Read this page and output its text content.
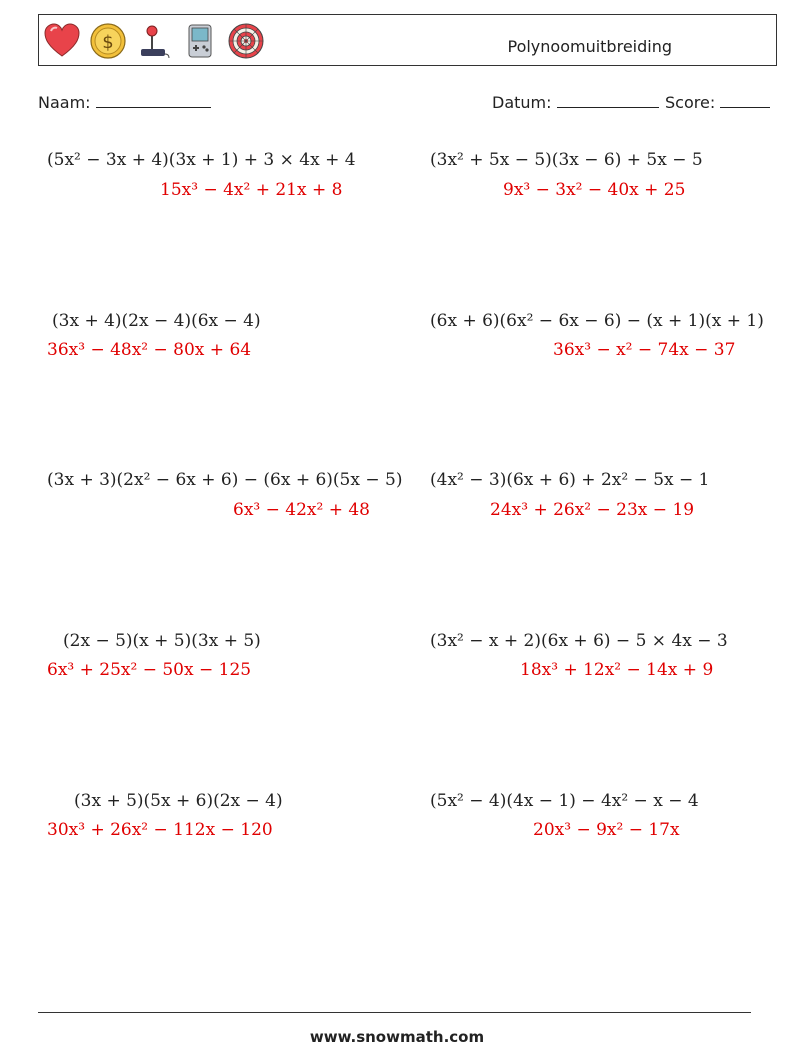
$	Polynoomuitbreiding
Naam:	Datum:	Score:
(5x² − 3x + 4)(3x + 1) + 3 × 4x + 4
15x³ − 4x² + 21x + 8
(3x² + 5x − 5)(3x − 6) + 5x − 5
9x³ − 3x² − 40x + 25
(3x + 4)(2x − 4)(6x − 4)
36x³ − 48x² − 80x + 64
(6x + 6)(6x² − 6x − 6) − (x + 1)(x + 1)
36x³ − x² − 74x − 37
(3x + 3)(2x² − 6x + 6) − (6x + 6)(5x − 5)
6x³ − 42x² + 48
(4x² − 3)(6x + 6) + 2x² − 5x − 1
24x³ + 26x² − 23x − 19
(2x − 5)(x + 5)(3x + 5)
6x³ + 25x² − 50x − 125
(3x² − x + 2)(6x + 6) − 5 × 4x − 3
18x³ + 12x² − 14x + 9
(3x + 5)(5x + 6)(2x − 4)
30x³ + 26x² − 112x − 120
(5x² − 4)(4x − 1) − 4x² − x − 4
20x³ − 9x² − 17x
www.snowmath.com
